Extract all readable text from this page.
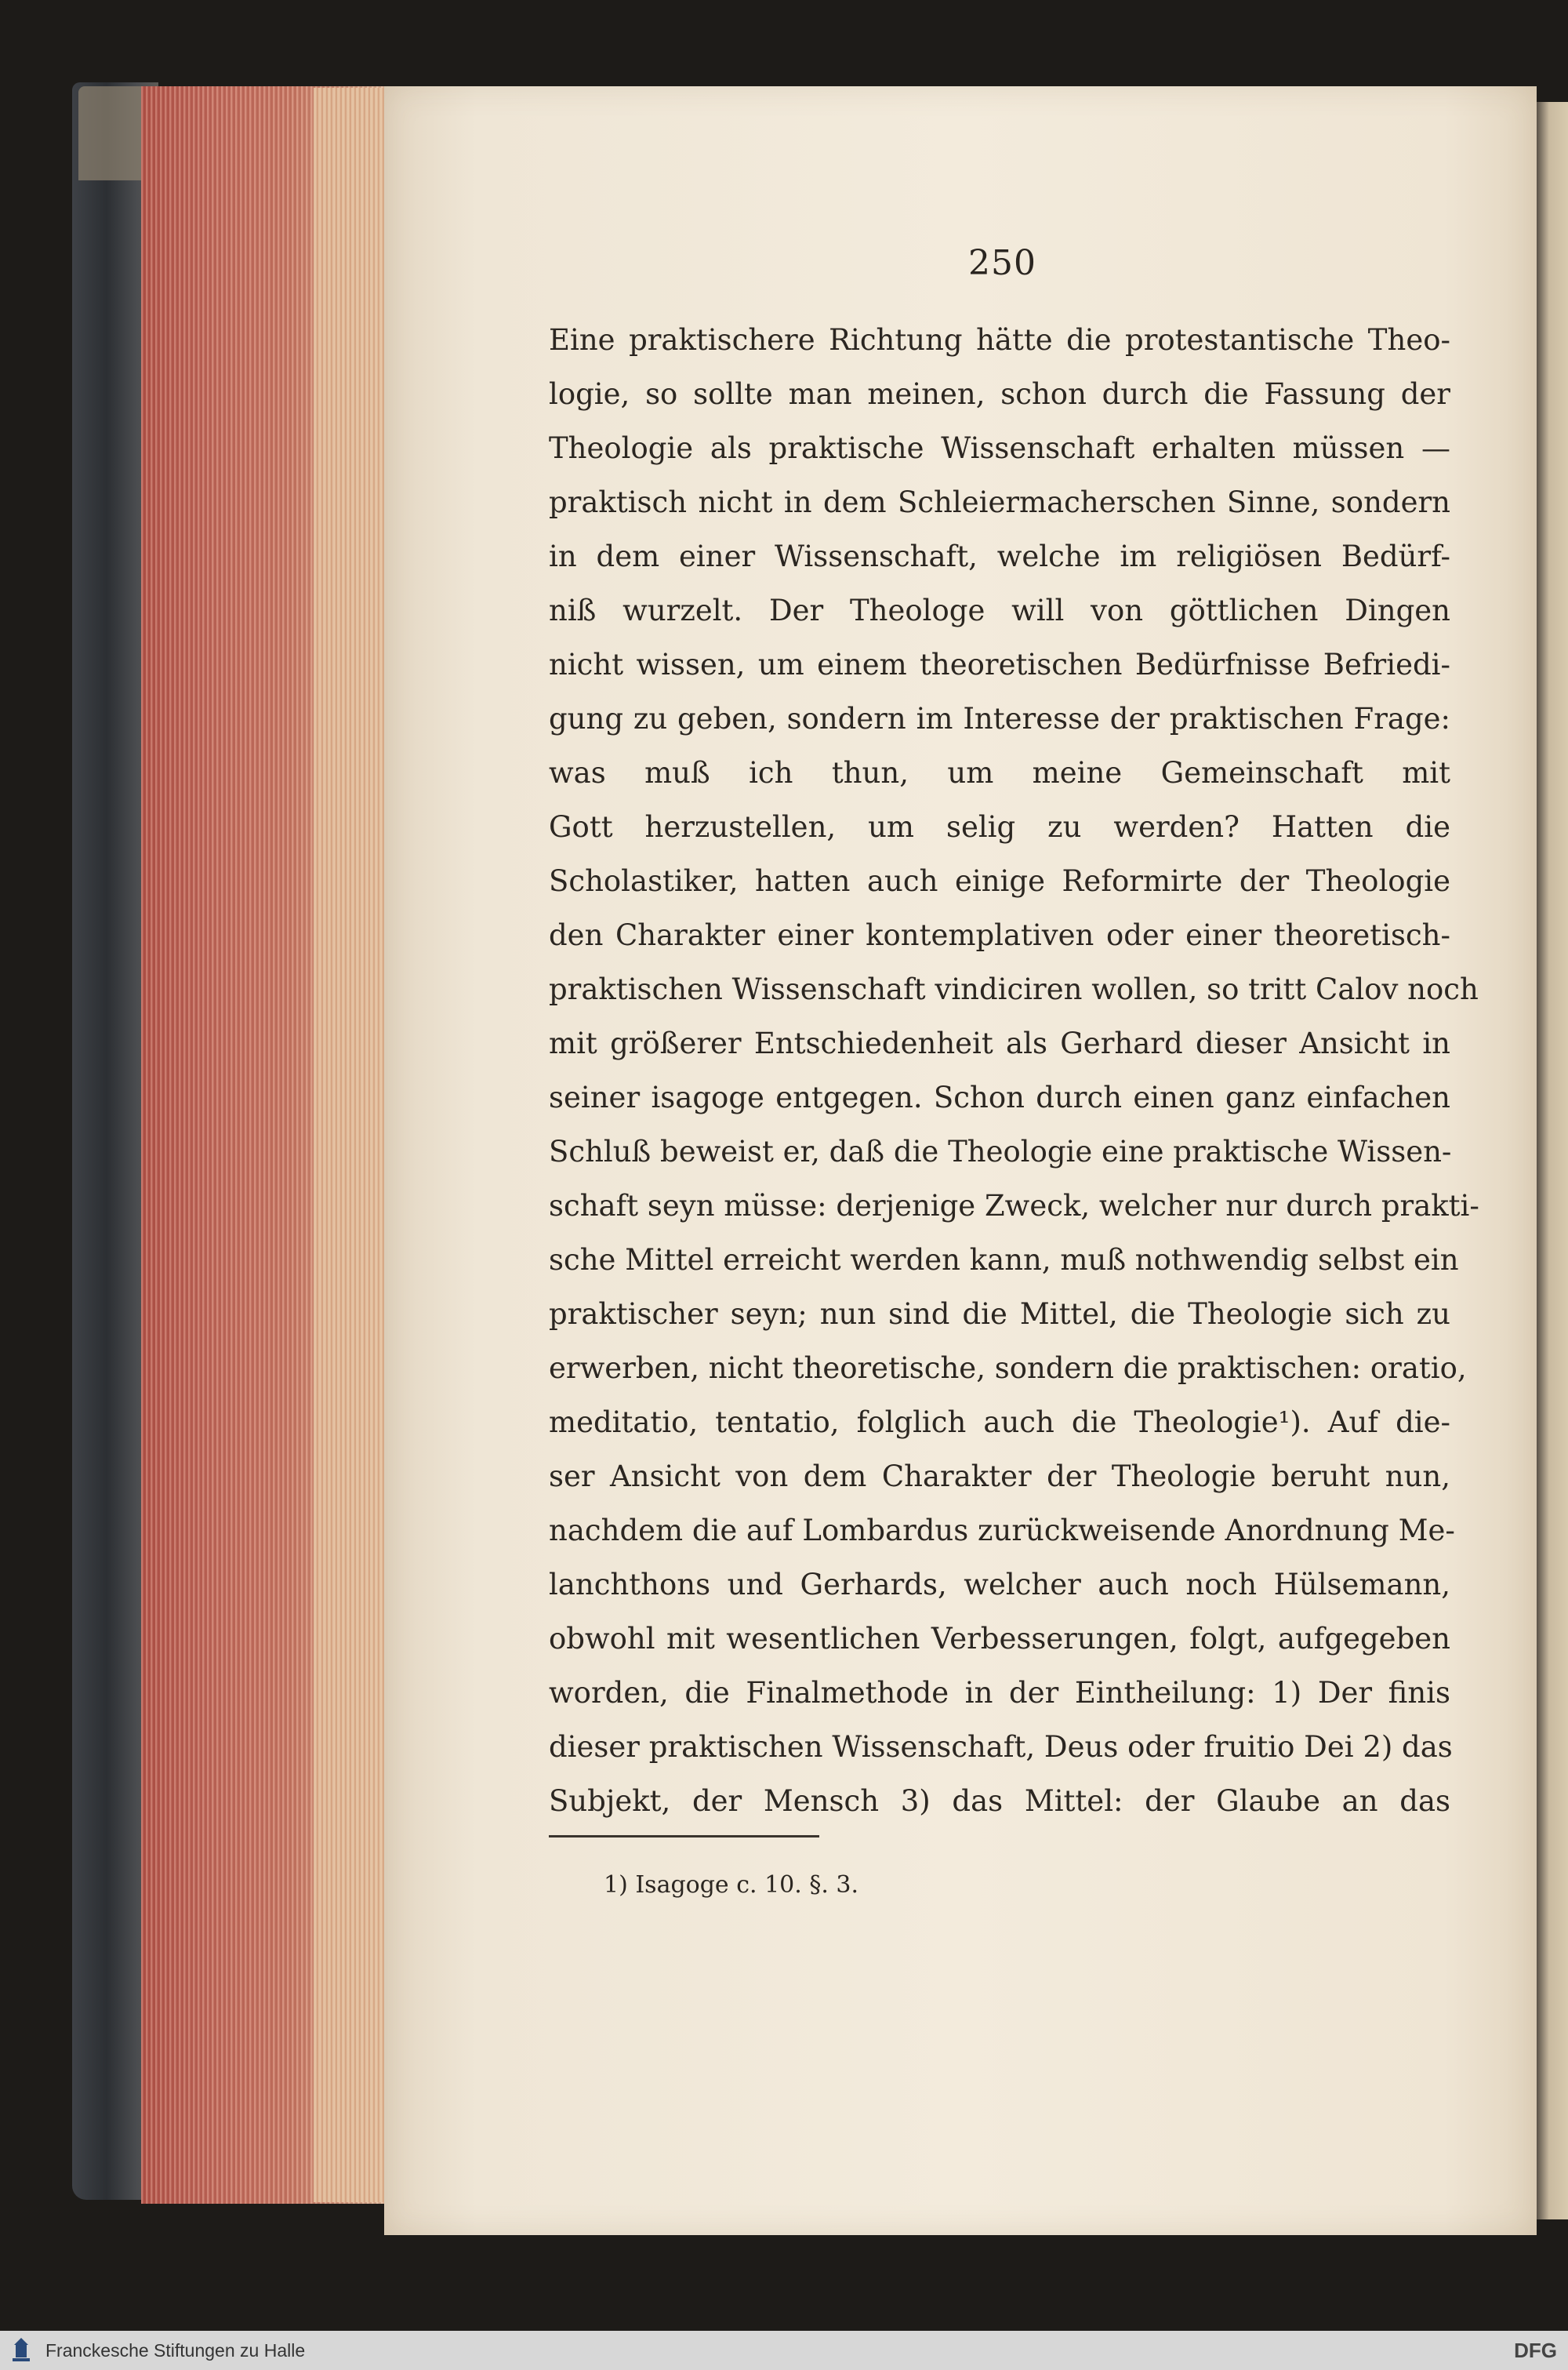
250
Eine praktischere Richtung hätte die protestantische Theo-
logie, so sollte man meinen, schon durch die Fassung der
Theologie als praktische Wissenschaft erhalten müssen —
praktisch nicht in dem Schleiermacherschen Sinne, sondern
in dem einer Wissenschaft, welche im religiösen Bedürf-
niß wurzelt. Der Theologe will von göttlichen Dingen
nicht wissen, um einem theoretischen Bedürfnisse Befriedi-
gung zu geben, sondern im Interesse der praktischen Frage:
was muß ich thun, um meine Gemeinschaft mit
Gott herzustellen, um selig zu werden? Hatten die
Scholastiker, hatten auch einige Reformirte der Theologie
den Charakter einer kontemplativen oder einer theoretisch-
praktischen Wissenschaft vindiciren wollen, so tritt Calov noch
mit größerer Entschiedenheit als Gerhard dieser Ansicht in
seiner isagoge entgegen. Schon durch einen ganz einfachen
Schluß beweist er, daß die Theologie eine praktische Wissen-
schaft seyn müsse: derjenige Zweck, welcher nur durch prakti-
sche Mittel erreicht werden kann, muß nothwendig selbst ein
praktischer seyn; nun sind die Mittel, die Theologie sich zu
erwerben, nicht theoretische, sondern die praktischen: oratio,
meditatio, tentatio, folglich auch die Theologie¹). Auf die-
ser Ansicht von dem Charakter der Theologie beruht nun,
nachdem die auf Lombardus zurückweisende Anordnung Me-
lanchthons und Gerhards, welcher auch noch Hülsemann,
obwohl mit wesentlichen Verbesserungen, folgt, aufgegeben
worden, die Finalmethode in der Eintheilung: 1) Der finis
dieser praktischen Wissenschaft, Deus oder fruitio Dei 2) das
Subjekt, der Mensch 3) das Mittel: der Glaube an das
1) Isagoge c. 10. §. 3.
Franckesche Stiftungen zu Halle	DFG
